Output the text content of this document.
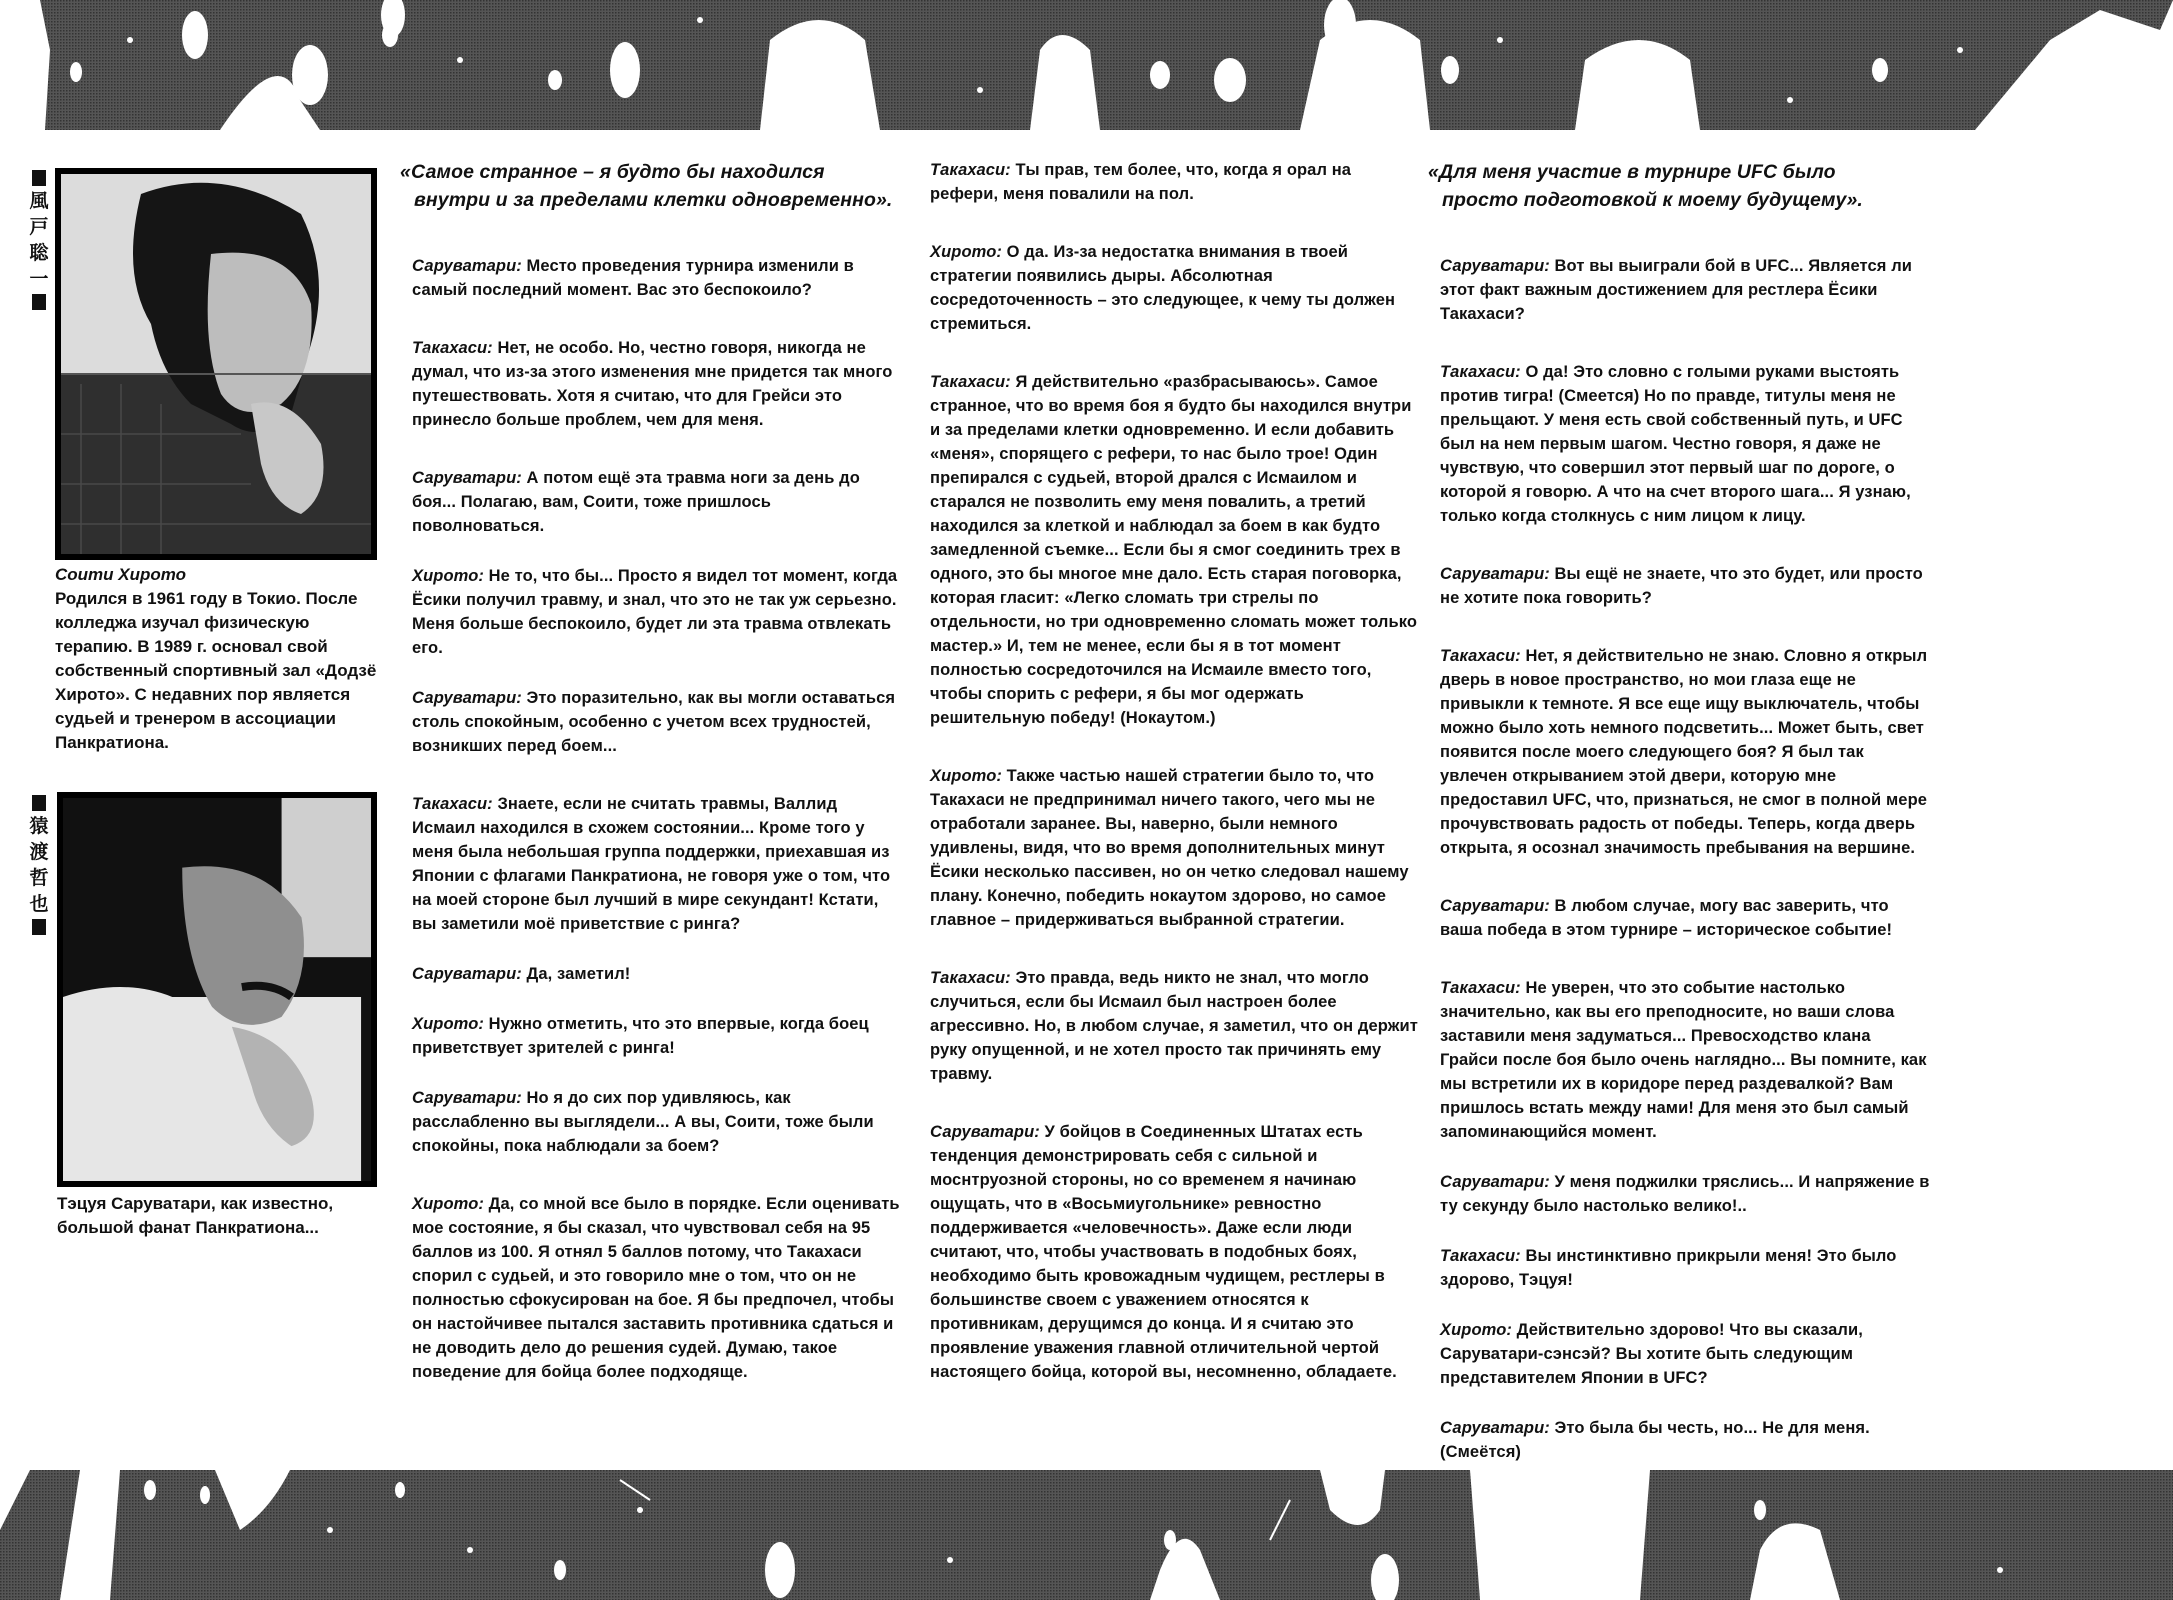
風
戸
聡
一
Соити Хирото
Родился в 1961 году в Токио. После колледжа изучал физическую терапию. В 1989 г. основал свой собственный спортивный зал «Додзё Хирото». С недавних пор является судьей и тренером в ассоциации Панкратиона.
猿
渡
哲
也
Тэцуя Саруватари, как известно, большой фанат Панкратиона...
«Самое странное – я будто бы находился
внутри и за пределами клетки одновременно».
Саруватари: Место проведения турнира изменили в самый последний момент. Вас это беспокоило?
Такахаси: Нет, не особо. Но, честно говоря, никогда не думал, что из-за этого изменения мне придется так много путешествовать. Хотя я считаю, что для Грейси это принесло больше проблем, чем для меня.
Саруватари: А потом ещё эта травма ноги за день до боя... Полагаю, вам, Соити, тоже пришлось поволноваться.
Хирото: Не то, что бы... Просто я видел тот момент, когда Ёсики получил травму, и знал, что это не так уж серьезно. Меня больше беспокоило, будет ли эта травма отвлекать его.
Саруватари: Это поразительно, как вы могли оставаться столь спокойным, особенно с учетом всех трудностей, возникших перед боем...
Такахаси: Знаете, если не считать травмы, Валлид Исмаил находился в схожем состоянии... Кроме того у меня была небольшая группа поддержки, приехавшая из Японии с флагами Панкратиона, не говоря уже о том, что на моей стороне был лучший в мире секундант! Кстати, вы заметили моё приветствие с ринга?
Саруватари: Да, заметил!
Хирото: Нужно отметить, что это впервые, когда боец приветствует зрителей с ринга!
Саруватари: Но я до сих пор удивляюсь, как расслабленно вы выглядели... А вы, Соити, тоже были спокойны, пока наблюдали за боем?
Хирото: Да, со мной все было в порядке. Если оценивать мое состояние, я бы сказал, что чувствовал себя на 95 баллов из 100. Я отнял 5 баллов потому, что Такахаси спорил с судьей, и это говорило мне о том, что он не полностью сфокусирован на бое. Я бы предпочел, чтобы он настойчивее пытался заставить противника сдаться и не доводить дело до решения судей. Думаю, такое поведение для бойца более подходяще.
Такахаси: Ты прав, тем более, что, когда я орал на рефери, меня повалили на пол.
Хирото: О да. Из-за недостатка внимания в твоей стратегии появились дыры. Абсолютная сосредоточенность – это следующее, к чему ты должен стремиться.
Такахаси: Я действительно «разбрасываюсь». Самое странное, что во время боя я будто бы находился внутри и за пределами клетки одновременно. И если добавить «меня», спорящего с рефери, то нас было трое! Один препирался с судьей, второй дрался с Исмаилом и старался не позволить ему меня повалить, а третий находился за клеткой и наблюдал за боем в как будто замедленной съемке... Если бы я смог соединить трех в одного, это бы многое мне дало. Есть старая поговорка, которая гласит: «Легко сломать три стрелы по отдельности, но три одновременно сломать может только мастер.» И, тем не менее, если бы я в тот момент полностью сосредоточился на Исмаиле вместо того, чтобы спорить с рефери, я бы мог одержать решительную победу! (Нокаутом.)
Хирото: Также частью нашей стратегии было то, что Такахаси не предпринимал ничего такого, чего мы не отработали заранее. Вы, наверно, были немного удивлены, видя, что во время дополнительных минут Ёсики несколько пассивен, но он четко следовал нашему плану. Конечно, победить нокаутом здорово, но самое главное – придерживаться выбранной стратегии.
Такахаси: Это правда, ведь никто не знал, что могло случиться, если бы Исмаил был настроен более агрессивно. Но, в любом случае, я заметил, что он держит руку опущенной, и не хотел просто так причинять ему травму.
Саруватари: У бойцов в Соединенных Штатах есть тенденция демонстрировать себя с сильной и моснтруозной стороны, но со временем я начинаю ощущать, что в «Восьмиугольнике» ревностно поддерживается «человечность». Даже если люди считают, что, чтобы участвовать в подобных боях, необходимо быть кровожадным чудищем, рестлеры в большинстве своем с уважением относятся к противникам, дерущимся до конца. И я считаю это проявление уважения главной отличительной чертой настоящего бойца, которой вы, несомненно, обладаете.
«Для меня участие в турнире UFC было
просто подготовкой к моему будущему».
Саруватари: Вот вы выиграли бой в UFC... Является ли этот факт важным достижением для рестлера Ёсики Такахаси?
Такахаси: О да! Это словно с голыми руками выстоять против тигра! (Смеется) Но по правде, титулы меня не прельщают. У меня есть свой собственный путь, и UFC был на нем первым шагом. Честно говоря, я даже не чувствую, что совершил этот первый шаг по дороге, о которой я говорю. А что на счет второго шага... Я узнаю, только когда столкнусь с ним лицом к лицу.
Саруватари: Вы ещё не знаете, что это будет, или просто не хотите пока говорить?
Такахаси: Нет, я действительно не знаю. Словно я открыл дверь в новое пространство, но мои глаза еще не привыкли к темноте. Я все еще ищу выключатель, чтобы можно было хоть немного подсветить... Может быть, свет появится после моего следующего боя? Я был так увлечен открыванием этой двери, которую мне предоставил UFC, что, признаться, не смог в полной мере прочувствовать радость от победы. Теперь, когда дверь открыта, я осознал значимость пребывания на вершине.
Саруватари: В любом случае, могу вас заверить, что ваша победа в этом турнире – историческое событие!
Такахаси: Не уверен, что это событие настолько значительно, как вы его преподносите, но ваши слова заставили меня задуматься... Превосходство клана Грайси после боя было очень наглядно... Вы помните, как мы встретили их в коридоре перед раздевалкой? Вам пришлось встать между нами! Для меня это был самый запоминающийся момент.
Саруватари: У меня поджилки тряслись... И напряжение в ту секунду было настолько велико!..
Такахаси: Вы инстинктивно прикрыли меня! Это было здорово, Тэцуя!
Хирото: Действительно здорово! Что вы сказали, Саруватари-сэнсэй? Вы хотите быть следующим представителем Японии в UFC?
Саруватари: Это была бы честь, но... Не для меня. (Смеётся)
